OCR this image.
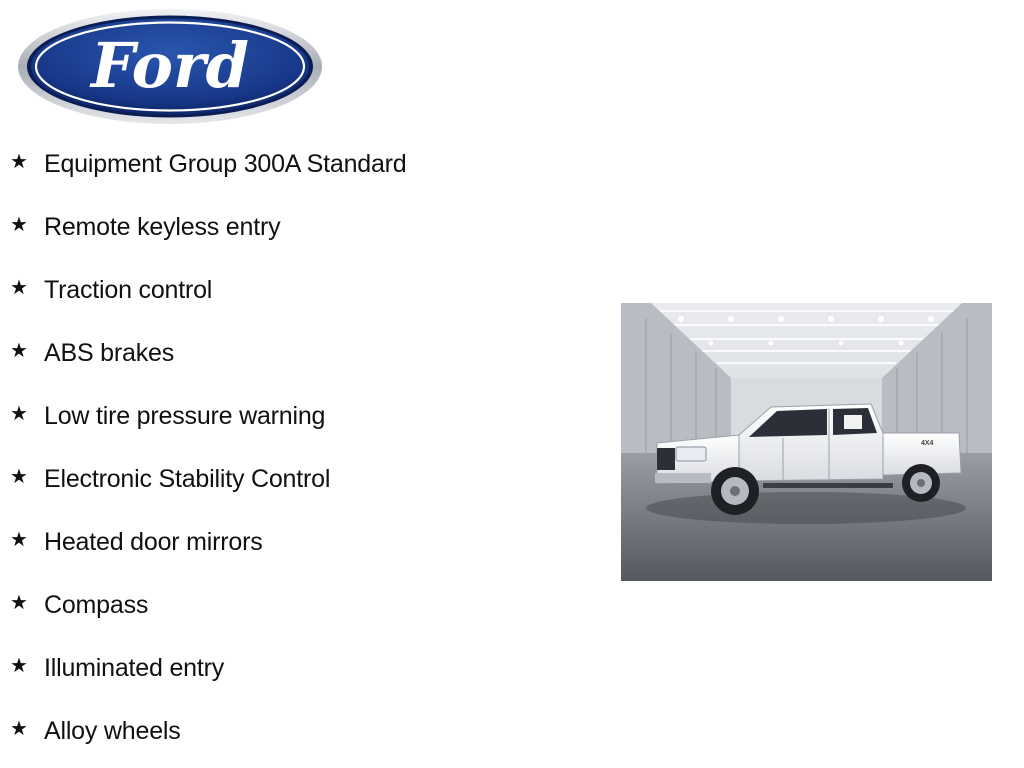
Ford
★ Equipment Group 300A Standard
★ Remote keyless entry
★ Traction control
★ ABS brakes
★ Low tire pressure warning
★ Electronic Stability Control
★ Heated door mirrors
★ Compass
★ Illuminated entry
★ Alloy wheels
4X4
